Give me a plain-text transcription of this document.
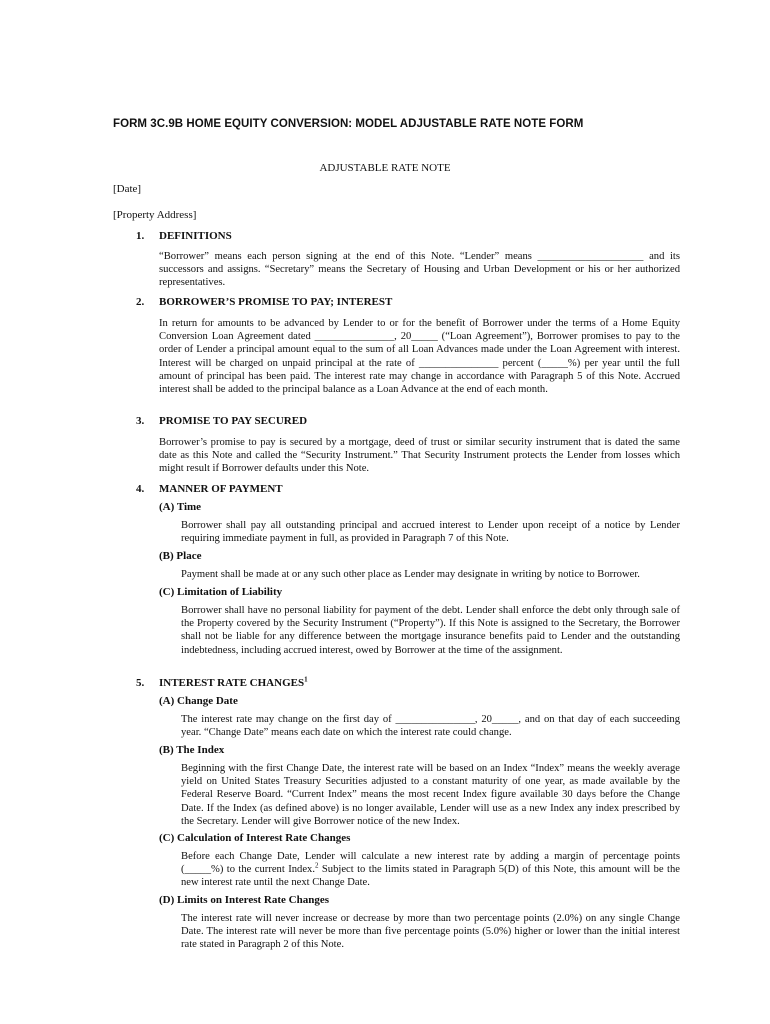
FORM 3C.9B HOME EQUITY CONVERSION: MODEL ADJUSTABLE RATE NOTE FORM
ADJUSTABLE RATE NOTE
[Date]
[Property Address]
1. DEFINITIONS
“Borrower” means each person signing at the end of this Note. “Lender” means ____________________ and its successors and assigns. “Secretary” means the Secretary of Housing and Urban Development or his or her authorized representatives.
2. BORROWER’S PROMISE TO PAY; INTEREST
In return for amounts to be advanced by Lender to or for the benefit of Borrower under the terms of a Home Equity Conversion Loan Agreement dated _______________, 20_____ (“Loan Agreement”), Borrower promises to pay to the order of Lender a principal amount equal to the sum of all Loan Advances made under the Loan Agreement with interest. Interest will be charged on unpaid principal at the rate of _______________ percent (_____%) per year until the full amount of principal has been paid. The interest rate may change in accordance with Paragraph 5 of this Note. Accrued interest shall be added to the principal balance as a Loan Advance at the end of each month.
3. PROMISE TO PAY SECURED
Borrower’s promise to pay is secured by a mortgage, deed of trust or similar security instrument that is dated the same date as this Note and called the “Security Instrument.” That Security Instrument protects the Lender from losses which might result if Borrower defaults under this Note.
4. MANNER OF PAYMENT
(A) Time
Borrower shall pay all outstanding principal and accrued interest to Lender upon receipt of a notice by Lender requiring immediate payment in full, as provided in Paragraph 7 of this Note.
(B) Place
Payment shall be made at or any such other place as Lender may designate in writing by notice to Borrower.
(C) Limitation of Liability
Borrower shall have no personal liability for payment of the debt. Lender shall enforce the debt only through sale of the Property covered by the Security Instrument (“Property”). If this Note is assigned to the Secretary, the Borrower shall not be liable for any difference between the mortgage insurance benefits paid to Lender and the outstanding indebtedness, including accrued interest, owed by Borrower at the time of the assignment.
5. INTEREST RATE CHANGES$^1$
(A) Change Date
The interest rate may change on the first day of _______________, 20_____, and on that day of each succeeding year. “Change Date” means each date on which the interest rate could change.
(B) The Index
Beginning with the first Change Date, the interest rate will be based on an Index “Index” means the weekly average yield on United States Treasury Securities adjusted to a constant maturity of one year, as made available by the Federal Reserve Board. “Current Index” means the most recent Index figure available 30 days before the Change Date. If the Index (as defined above) is no longer available, Lender will use as a new Index any index prescribed by the Secretary. Lender will give Borrower notice of the new Index.
(C) Calculation of Interest Rate Changes
Before each Change Date, Lender will calculate a new interest rate by adding a margin of percentage points (_____%) to the current Index.$^2$ Subject to the limits stated in Paragraph 5(D) of this Note, this amount will be the new interest rate until the next Change Date.
(D) Limits on Interest Rate Changes
The interest rate will never increase or decrease by more than two percentage points (2.0%) on any single Change Date. The interest rate will never be more than five percentage points (5.0%) higher or lower than the initial interest rate stated in Paragraph 2 of this Note.
